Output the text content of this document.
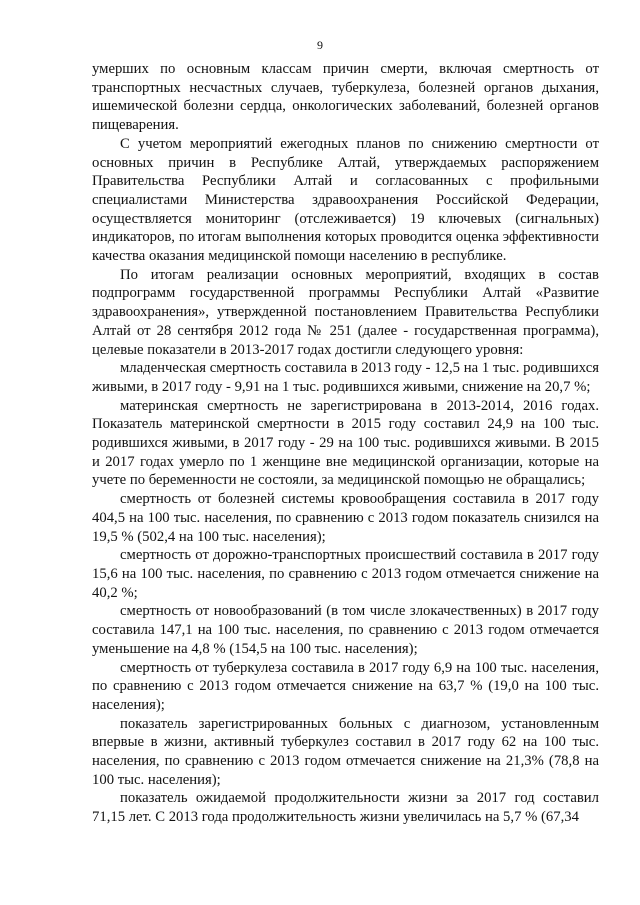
9

умерших по основным классам причин смерти, включая смертность от транспортных несчастных случаев, туберкулеза, болезней органов дыхания, ишемической болезни сердца, онкологических заболеваний, болезней органов пищеварения.

С учетом мероприятий ежегодных планов по снижению смертности от основных причин в Республике Алтай, утверждаемых распоряжением Правительства Республики Алтай и согласованных с профильными специалистами Министерства здравоохранения Российской Федерации, осуществляется мониторинг (отслеживается) 19 ключевых (сигнальных) индикаторов, по итогам выполнения которых проводится оценка эффективности качества оказания медицинской помощи населению в республике.

По итогам реализации основных мероприятий, входящих в состав подпрограмм государственной программы Республики Алтай «Развитие здравоохранения», утвержденной постановлением Правительства Республики Алтай от 28 сентября 2012 года № 251 (далее - государственная программа), целевые показатели в 2013-2017 годах достигли следующего уровня:

младенческая смертность составила в 2013 году - 12,5 на 1 тыс. родившихся живыми, в 2017 году - 9,91 на 1 тыс. родившихся живыми, снижение на 20,7 %;

материнская смертность не зарегистрирована в 2013-2014, 2016 годах. Показатель материнской смертности в 2015 году составил 24,9 на 100 тыс. родившихся живыми, в 2017 году - 29 на 100 тыс. родившихся живыми. В 2015 и 2017 годах умерло по 1 женщине вне медицинской организации, которые на учете по беременности не состояли, за медицинской помощью не обращались;

смертность от болезней системы кровообращения составила в 2017 году 404,5 на 100 тыс. населения, по сравнению с 2013 годом показатель снизился на 19,5 % (502,4 на 100 тыс. населения);

смертность от дорожно-транспортных происшествий составила в 2017 году 15,6 на 100 тыс. населения, по сравнению с 2013 годом отмечается снижение на 40,2 %;

смертность от новообразований (в том числе злокачественных) в 2017 году составила 147,1 на 100 тыс. населения, по сравнению с 2013 годом отмечается уменьшение на 4,8 % (154,5 на 100 тыс. населения);

смертность от туберкулеза составила в 2017 году 6,9 на 100 тыс. населения, по сравнению с 2013 годом отмечается снижение на 63,7 % (19,0 на 100 тыс. населения);

показатель зарегистрированных больных с диагнозом, установленным впервые в жизни, активный туберкулез составил в 2017 году 62 на 100 тыс. населения, по сравнению с 2013 годом отмечается снижение на 21,3% (78,8 на 100 тыс. населения);

показатель ожидаемой продолжительности жизни за 2017 год составил 71,15 лет. С 2013 года продолжительность жизни увеличилась на 5,7 % (67,34
